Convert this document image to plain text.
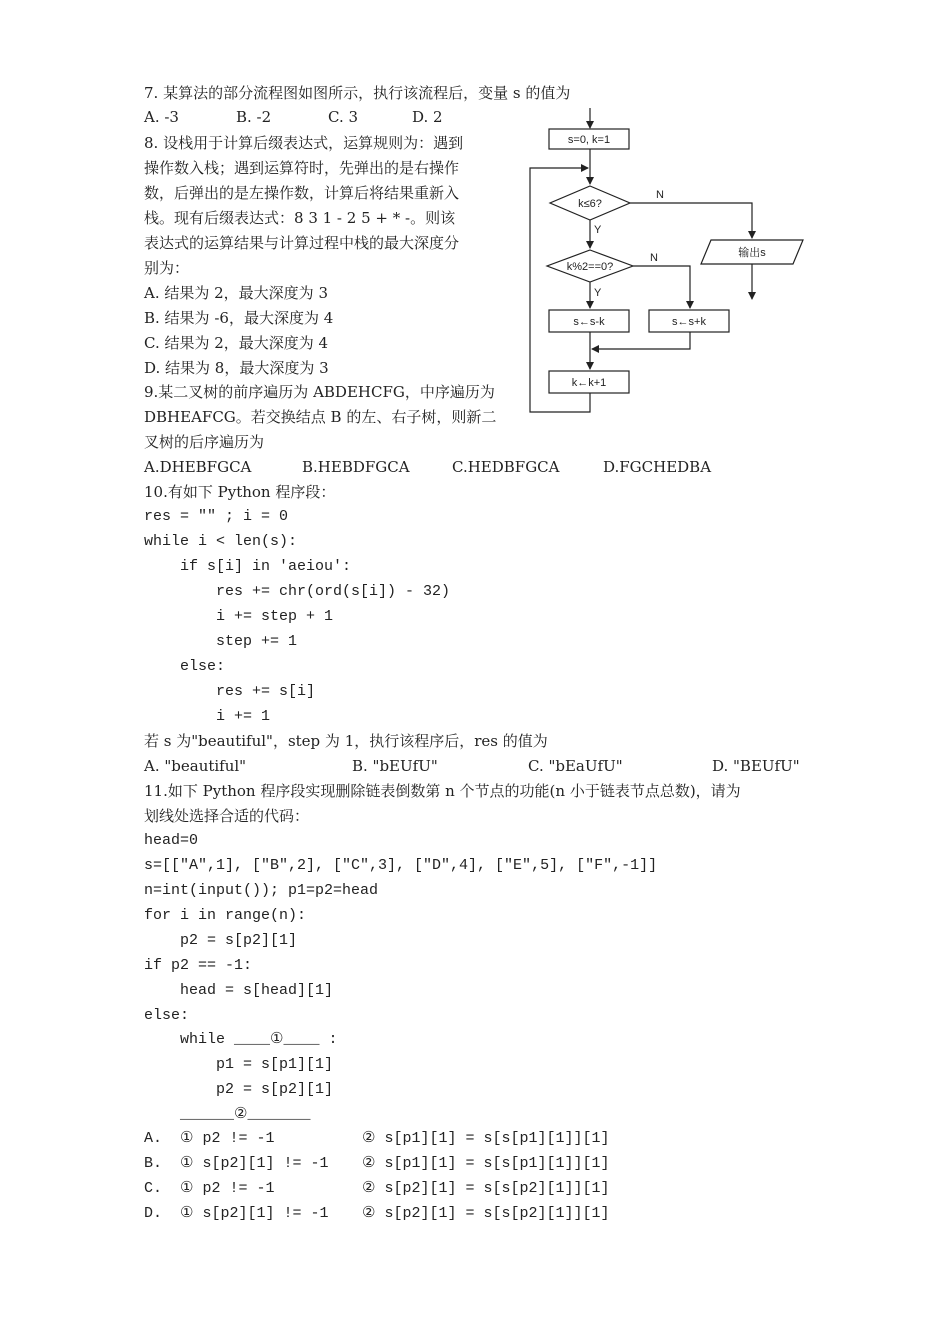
7. 某算法的部分流程图如图所示，执行该流程后，变量 s 的值为
A. -3	B. -2	C. 3	D. 2
8. 设栈用于计算后缀表达式，运算规则为：遇到
操作数入栈；遇到运算符时，先弹出的是右操作
数，后弹出的是左操作数，计算后将结果重新入
栈。现有后缀表达式：8 3 1 - 2 5 + * -。则该
表达式的运算结果与计算过程中栈的最大深度分
别为：
A. 结果为 2，最大深度为 3
B. 结果为 -6，最大深度为 4
C. 结果为 2，最大深度为 4
D. 结果为 8，最大深度为 3
9.某二叉树的前序遍历为 ABDEHCFG，中序遍历为
DBHEAFCG。若交换结点 B 的左、右子树，则新二
叉树的后序遍历为
A.DHEBFGCA	B.HEBDFGCA	C.HEDBFGCA	D.FGCHEDBA
10.有如下 Python 程序段：
res = "" ; i = 0
while i < len(s):
if s[i] in 'aeiou':
res += chr(ord(s[i]) - 32)
i += step + 1
step += 1
else:
res += s[i]
i += 1
若 s 为"beautiful"，step 为 1，执行该程序后，res 的值为
A. "beautiful"	B. "bEUfU"	C. "bEaUfU"	D. "BEUfU"
11.如下 Python 程序段实现删除链表倒数第 n 个节点的功能(n 小于链表节点总数)，请为
划线处选择合适的代码：
head=0
s=[["A",1], ["B",2], ["C",3], ["D",4], ["E",5], ["F",-1]]
n=int(input()); p1=p2=head
for i in range(n):
p2 = s[p2][1]
if p2 == -1:
head = s[head][1]
else:
while ____①____ :
p1 = s[p1][1]
p2 = s[p2][1]
______②_______
A.  ① p2 != -1	② s[p1][1] = s[s[p1][1]][1]
B.  ① s[p2][1] != -1 ② s[p1][1] = s[s[p1][1]][1]
C.  ① p2 != -1	② s[p2][1] = s[s[p2][1]][1]
D.  ① s[p2][1] != -1 ② s[p2][1] = s[s[p2][1]][1]
s=0, k=1
k≤6?
N
Y
输出s
k%2==0?
N
Y
s←s-k	s←s+k
k←k+1
